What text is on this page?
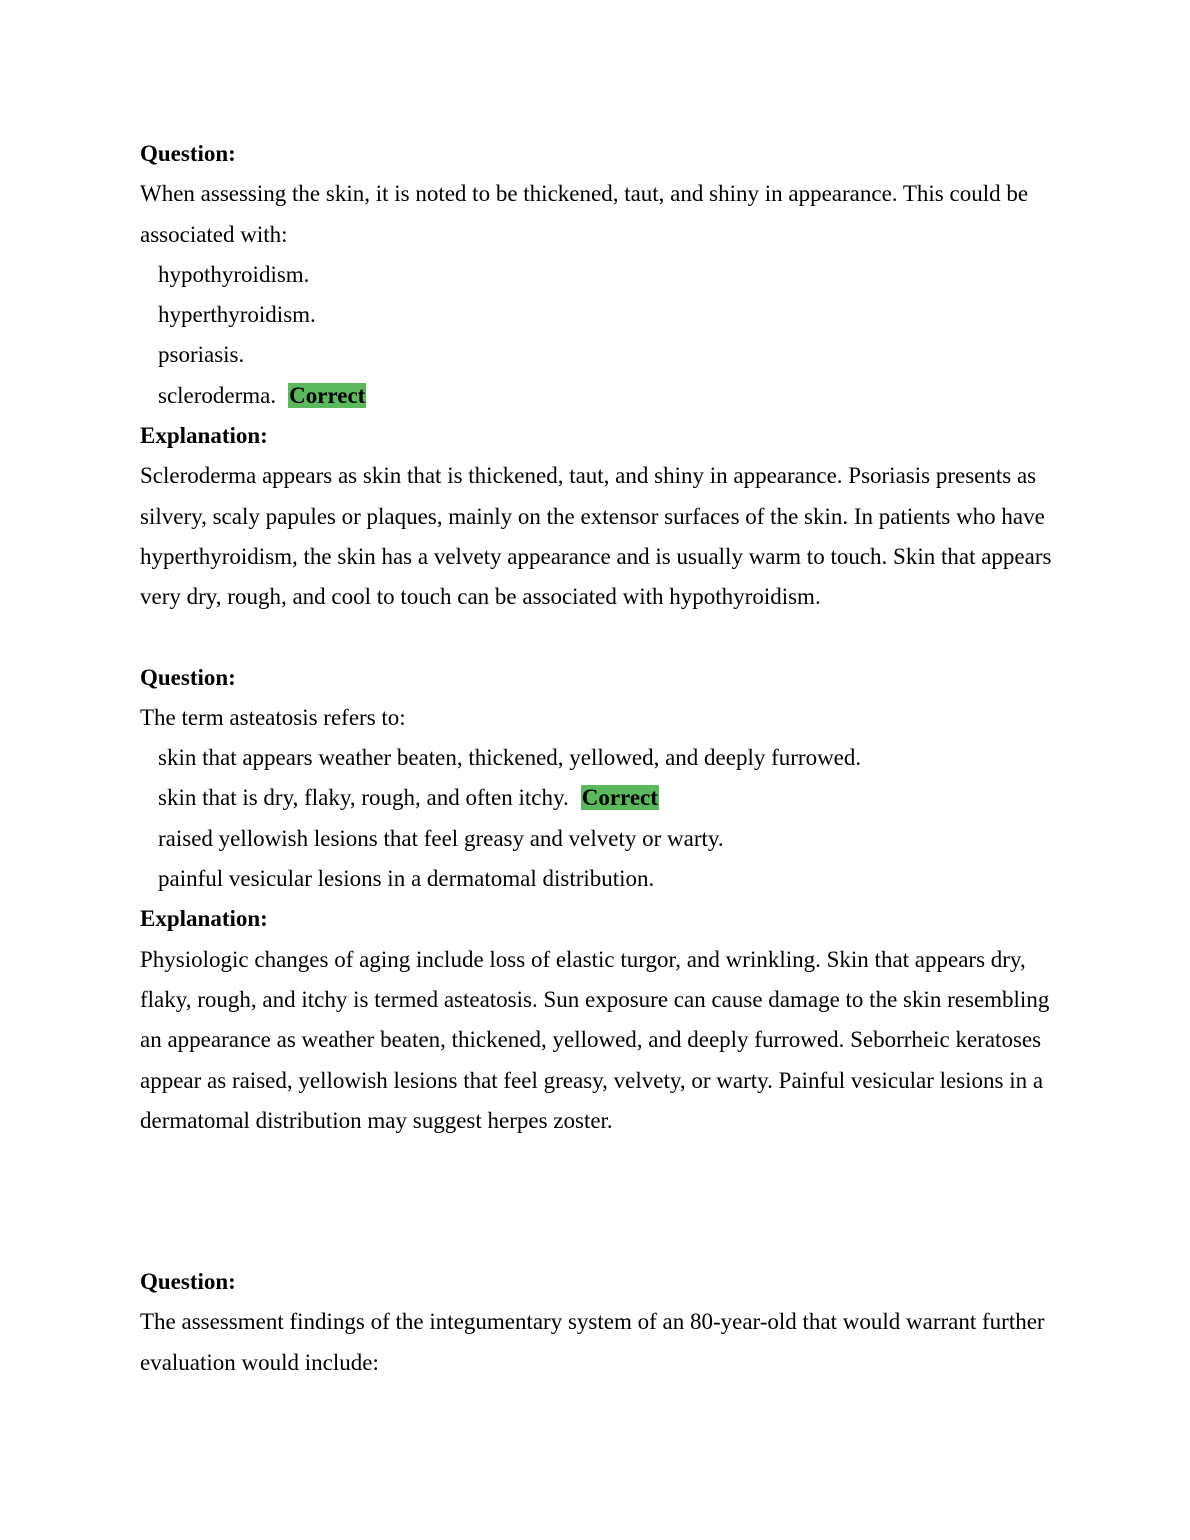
Question:
When assessing the skin, it is noted to be thickened, taut, and shiny in appearance. This could be associated with:
hypothyroidism.
hyperthyroidism.
psoriasis.
scleroderma. Correct
Explanation:
Scleroderma appears as skin that is thickened, taut, and shiny in appearance. Psoriasis presents as silvery, scaly papules or plaques, mainly on the extensor surfaces of the skin. In patients who have hyperthyroidism, the skin has a velvety appearance and is usually warm to touch. Skin that appears very dry, rough, and cool to touch can be associated with hypothyroidism.
Question:
The term asteatosis refers to:
skin that appears weather beaten, thickened, yellowed, and deeply furrowed.
skin that is dry, flaky, rough, and often itchy. Correct
raised yellowish lesions that feel greasy and velvety or warty.
painful vesicular lesions in a dermatomal distribution.
Explanation:
Physiologic changes of aging include loss of elastic turgor, and wrinkling. Skin that appears dry, flaky, rough, and itchy is termed asteatosis. Sun exposure can cause damage to the skin resembling an appearance as weather beaten, thickened, yellowed, and deeply furrowed. Seborrheic keratoses appear as raised, yellowish lesions that feel greasy, velvety, or warty. Painful vesicular lesions in a dermatomal distribution may suggest herpes zoster.
Question:
The assessment findings of the integumentary system of an 80-year-old that would warrant further evaluation would include:
